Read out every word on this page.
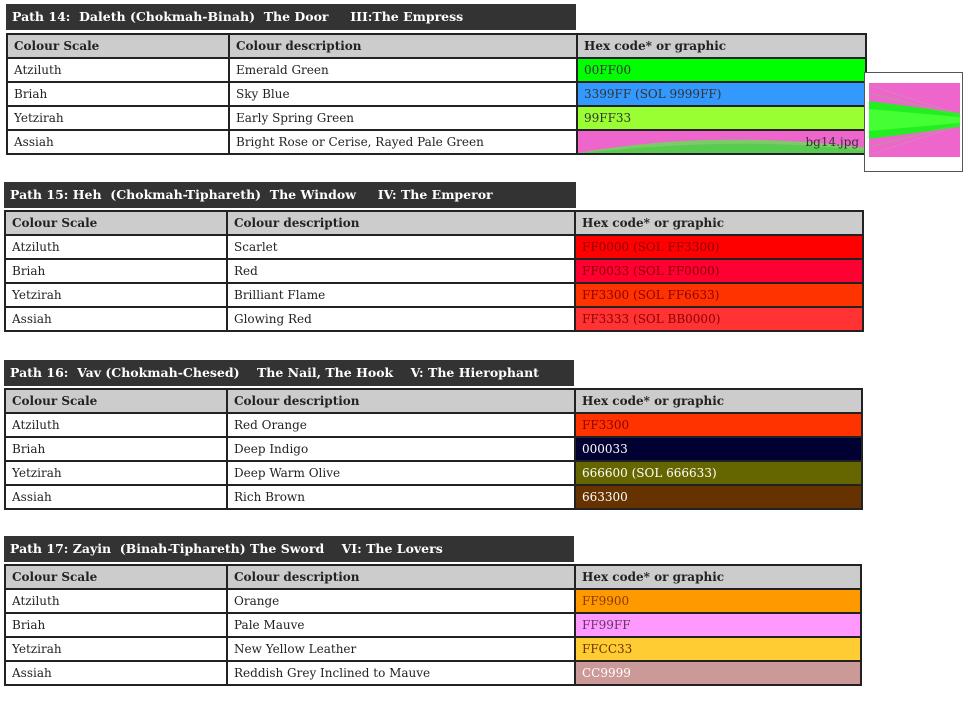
Path 14:  Daleth (Chokmah-Binah)  The Door     III:The Empress
Colour Scale	Colour description	Hex code* or graphic
Atziluth	Emerald Green	00FF00
Briah	Sky Blue	3399FF (SOL 9999FF)
Yetzirah	Early Spring Green	99FF33
Assiah	Bright Rose or Cerise, Rayed Pale Green	bg14.jpg
Path 15: Heh  (Chokmah-Tiphareth)  The Window     IV: The Emperor
Colour Scale	Colour description	Hex code* or graphic
Atziluth	Scarlet	FF0000 (SOL FF3300)
Briah	Red	FF0033 (SOL FF0000)
Yetzirah	Brilliant Flame	FF3300 (SOL FF6633)
Assiah	Glowing Red	FF3333 (SOL BB0000)
Path 16:  Vav (Chokmah-Chesed)    The Nail, The Hook    V: The Hierophant
Colour Scale	Colour description	Hex code* or graphic
Atziluth	Red Orange	FF3300
Briah	Deep Indigo	000033
Yetzirah	Deep Warm Olive	666600 (SOL 666633)
Assiah	Rich Brown	663300
Path 17: Zayin  (Binah-Tiphareth) The Sword    VI: The Lovers
Colour Scale	Colour description	Hex code* or graphic
Atziluth	Orange	FF9900
Briah	Pale Mauve	FF99FF
Yetzirah	New Yellow Leather	FFCC33
Assiah	Reddish Grey Inclined to Mauve	CC9999
